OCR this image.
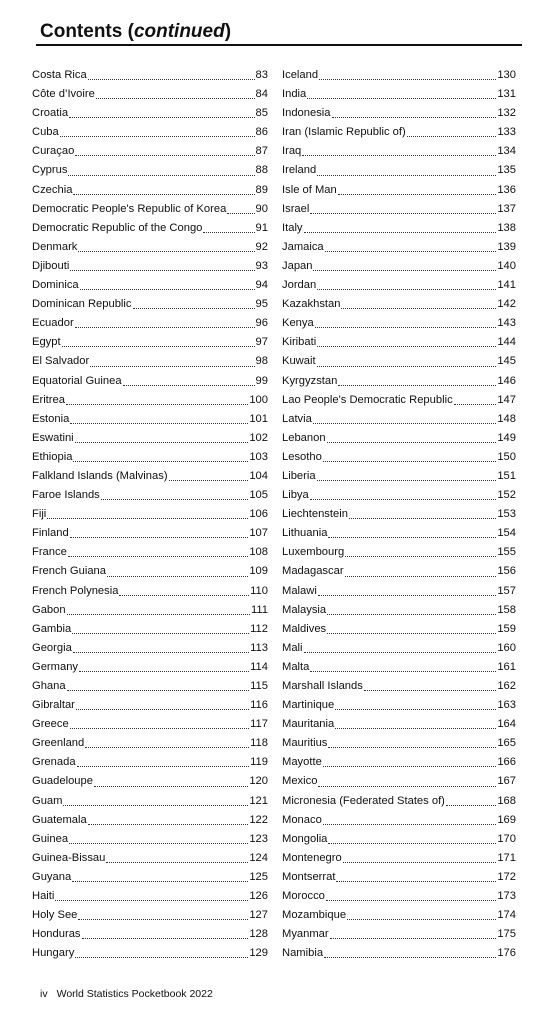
Contents (continued)
Costa Rica	83
Côte d’Ivoire	84
Croatia	85
Cuba	86
Curaçao	87
Cyprus	88
Czechia	89
Democratic People's Republic of Korea	90
Democratic Republic of the Congo	91
Denmark	92
Djibouti	93
Dominica	94
Dominican Republic	95
Ecuador	96
Egypt	97
El Salvador	98
Equatorial Guinea	99
Eritrea	100
Estonia	101
Eswatini	102
Ethiopia	103
Falkland Islands (Malvinas)	104
Faroe Islands	105
Fiji	106
Finland	107
France	108
French Guiana	109
French Polynesia	110
Gabon	111
Gambia	112
Georgia	113
Germany	114
Ghana	115
Gibraltar	116
Greece	117
Greenland	118
Grenada	119
Guadeloupe	120
Guam	121
Guatemala	122
Guinea	123
Guinea-Bissau	124
Guyana	125
Haiti	126
Holy See	127
Honduras	128
Hungary	129
Iceland	130
India	131
Indonesia	132
Iran (Islamic Republic of)	133
Iraq	134
Ireland	135
Isle of Man	136
Israel	137
Italy	138
Jamaica	139
Japan	140
Jordan	141
Kazakhstan	142
Kenya	143
Kiribati	144
Kuwait	145
Kyrgyzstan	146
Lao People's Democratic Republic	147
Latvia	148
Lebanon	149
Lesotho	150
Liberia	151
Libya	152
Liechtenstein	153
Lithuania	154
Luxembourg	155
Madagascar	156
Malawi	157
Malaysia	158
Maldives	159
Mali	160
Malta	161
Marshall Islands	162
Martinique	163
Mauritania	164
Mauritius	165
Mayotte	166
Mexico	167
Micronesia (Federated States of)	168
Monaco	169
Mongolia	170
Montenegro	171
Montserrat	172
Morocco	173
Mozambique	174
Myanmar	175
Namibia	176
iv World Statistics Pocketbook 2022
